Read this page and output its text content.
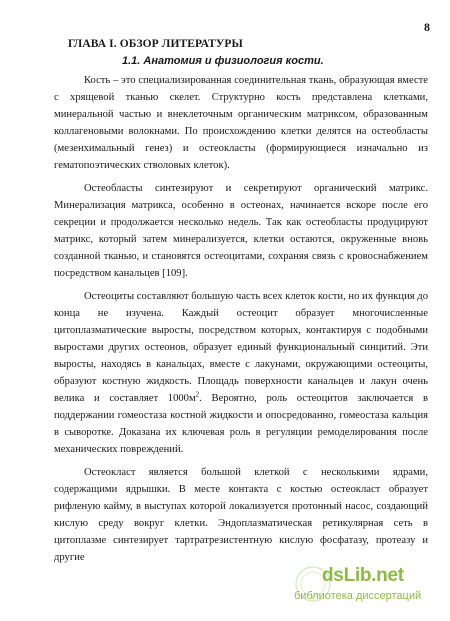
8
ГЛАВА I. ОБЗОР ЛИТЕРАТУРЫ
1.1. Анатомия и физиология кости.

Кость – это специализированная соединительная ткань, образующая вместе с хрящевой тканью скелет. Структурно кость представлена клетками, минеральной частью и внеклеточным органическим матриксом, образованным коллагеновыми волокнами. По происхождению клетки делятся на остеобласты (мезенхимальный генез) и остеокласты (формирующиеся изначально из гематопоэтических стволовых клеток).

Остеобласты синтезируют и секретируют органический матрикс. Минерализация матрикса, особенно в остеонах, начинается вскоре после его секреции и продолжается несколько недель. Так как остеобласты продуцируют матрикс, который затем минерализуется, клетки остаются, окруженные вновь созданной тканью, и становятся остеоцитами, сохраняя связь с кровоснабжением посредством канальцев [109].

Остеоциты составляют большую часть всех клеток кости, но их функция до конца не изучена. Каждый остеоцит образует многочисленные цитоплазматические выросты, посредством которых, контактируя с подобными выростами других остеонов, образует единый функциональный синцитий. Эти выросты, находясь в канальцах, вместе с лакунами, окружающими остеоциты, образуют костную жидкость. Площадь поверхности канальцев и лакун очень велика и составляет $1000м^2$. Вероятно, роль остеоцитов заключается в поддержании гомеостаза костной жидкости и опосредованно, гомеостаза кальция в сыворотке. Доказана их ключевая роль в регуляции ремоделирования после механических повреждений.

Остеокласт является большой клеткой с несколькими ядрами, содержащими ядрышки. В месте контакта с костью остеокласт образует рифленую кайму, в выступах которой локализуется протонный насос, создающий кислую среду вокруг клетки. Эндоплазматическая ретикулярная сеть в цитоплазме синтезирует тартратрезистентную кислую фосфатазу, протеазу и другие

dsLib.net
библиотека диссертаций
